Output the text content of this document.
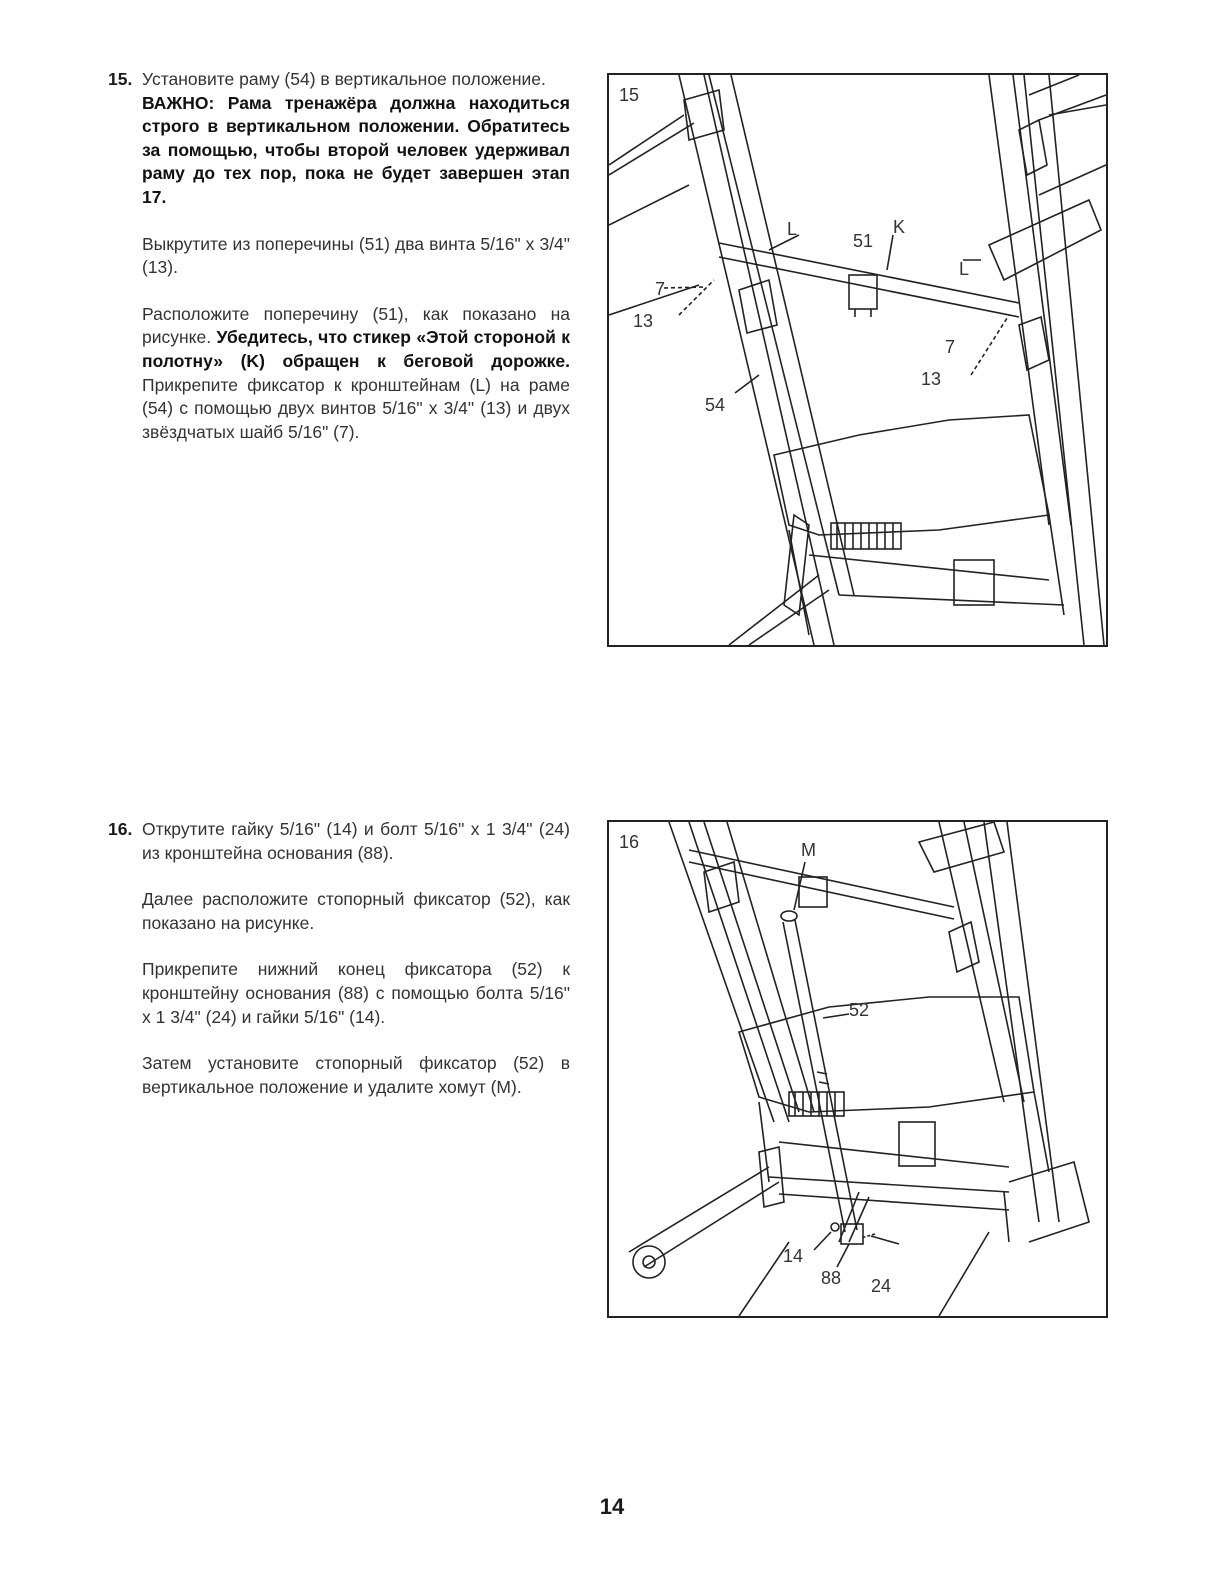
15. Установите раму (54) в вертикальное положение.

ВАЖНО: Рама тренажёра должна находиться строго в вертикальном положении. Обратитесь за помощью, чтобы второй человек удерживал раму до тех пор, пока не будет завершен этап 17.

Выкрутите из поперечины (51) два винта 5/16" x 3/4" (13).

Расположите поперечину (51), как показано на рисунке. Убедитесь, что стикер «Этой стороной к полотну» (K) обращен к беговой дорожке. Прикрепите фиксатор к кронштейнам (L) на раме (54) с помощью двух винтов 5/16" x 3/4" (13) и двух звёздчатых шайб 5/16" (7).

15
L
51
K
L
7
13
7
13
54

16. Открутите гайку 5/16" (14) и болт 5/16" x 1 3/4" (24) из кронштейна основания (88).

Далее расположите стопорный фиксатор (52), как показано на рисунке.

Прикрепите нижний конец фиксатора (52) к кронштейну основания (88) с помощью болта 5/16" x 1 3/4" (24) и гайки 5/16" (14).

Затем установите стопорный фиксатор (52) в вертикальное положение и удалите хомут (M).

16	M
52
14
88 24
14
